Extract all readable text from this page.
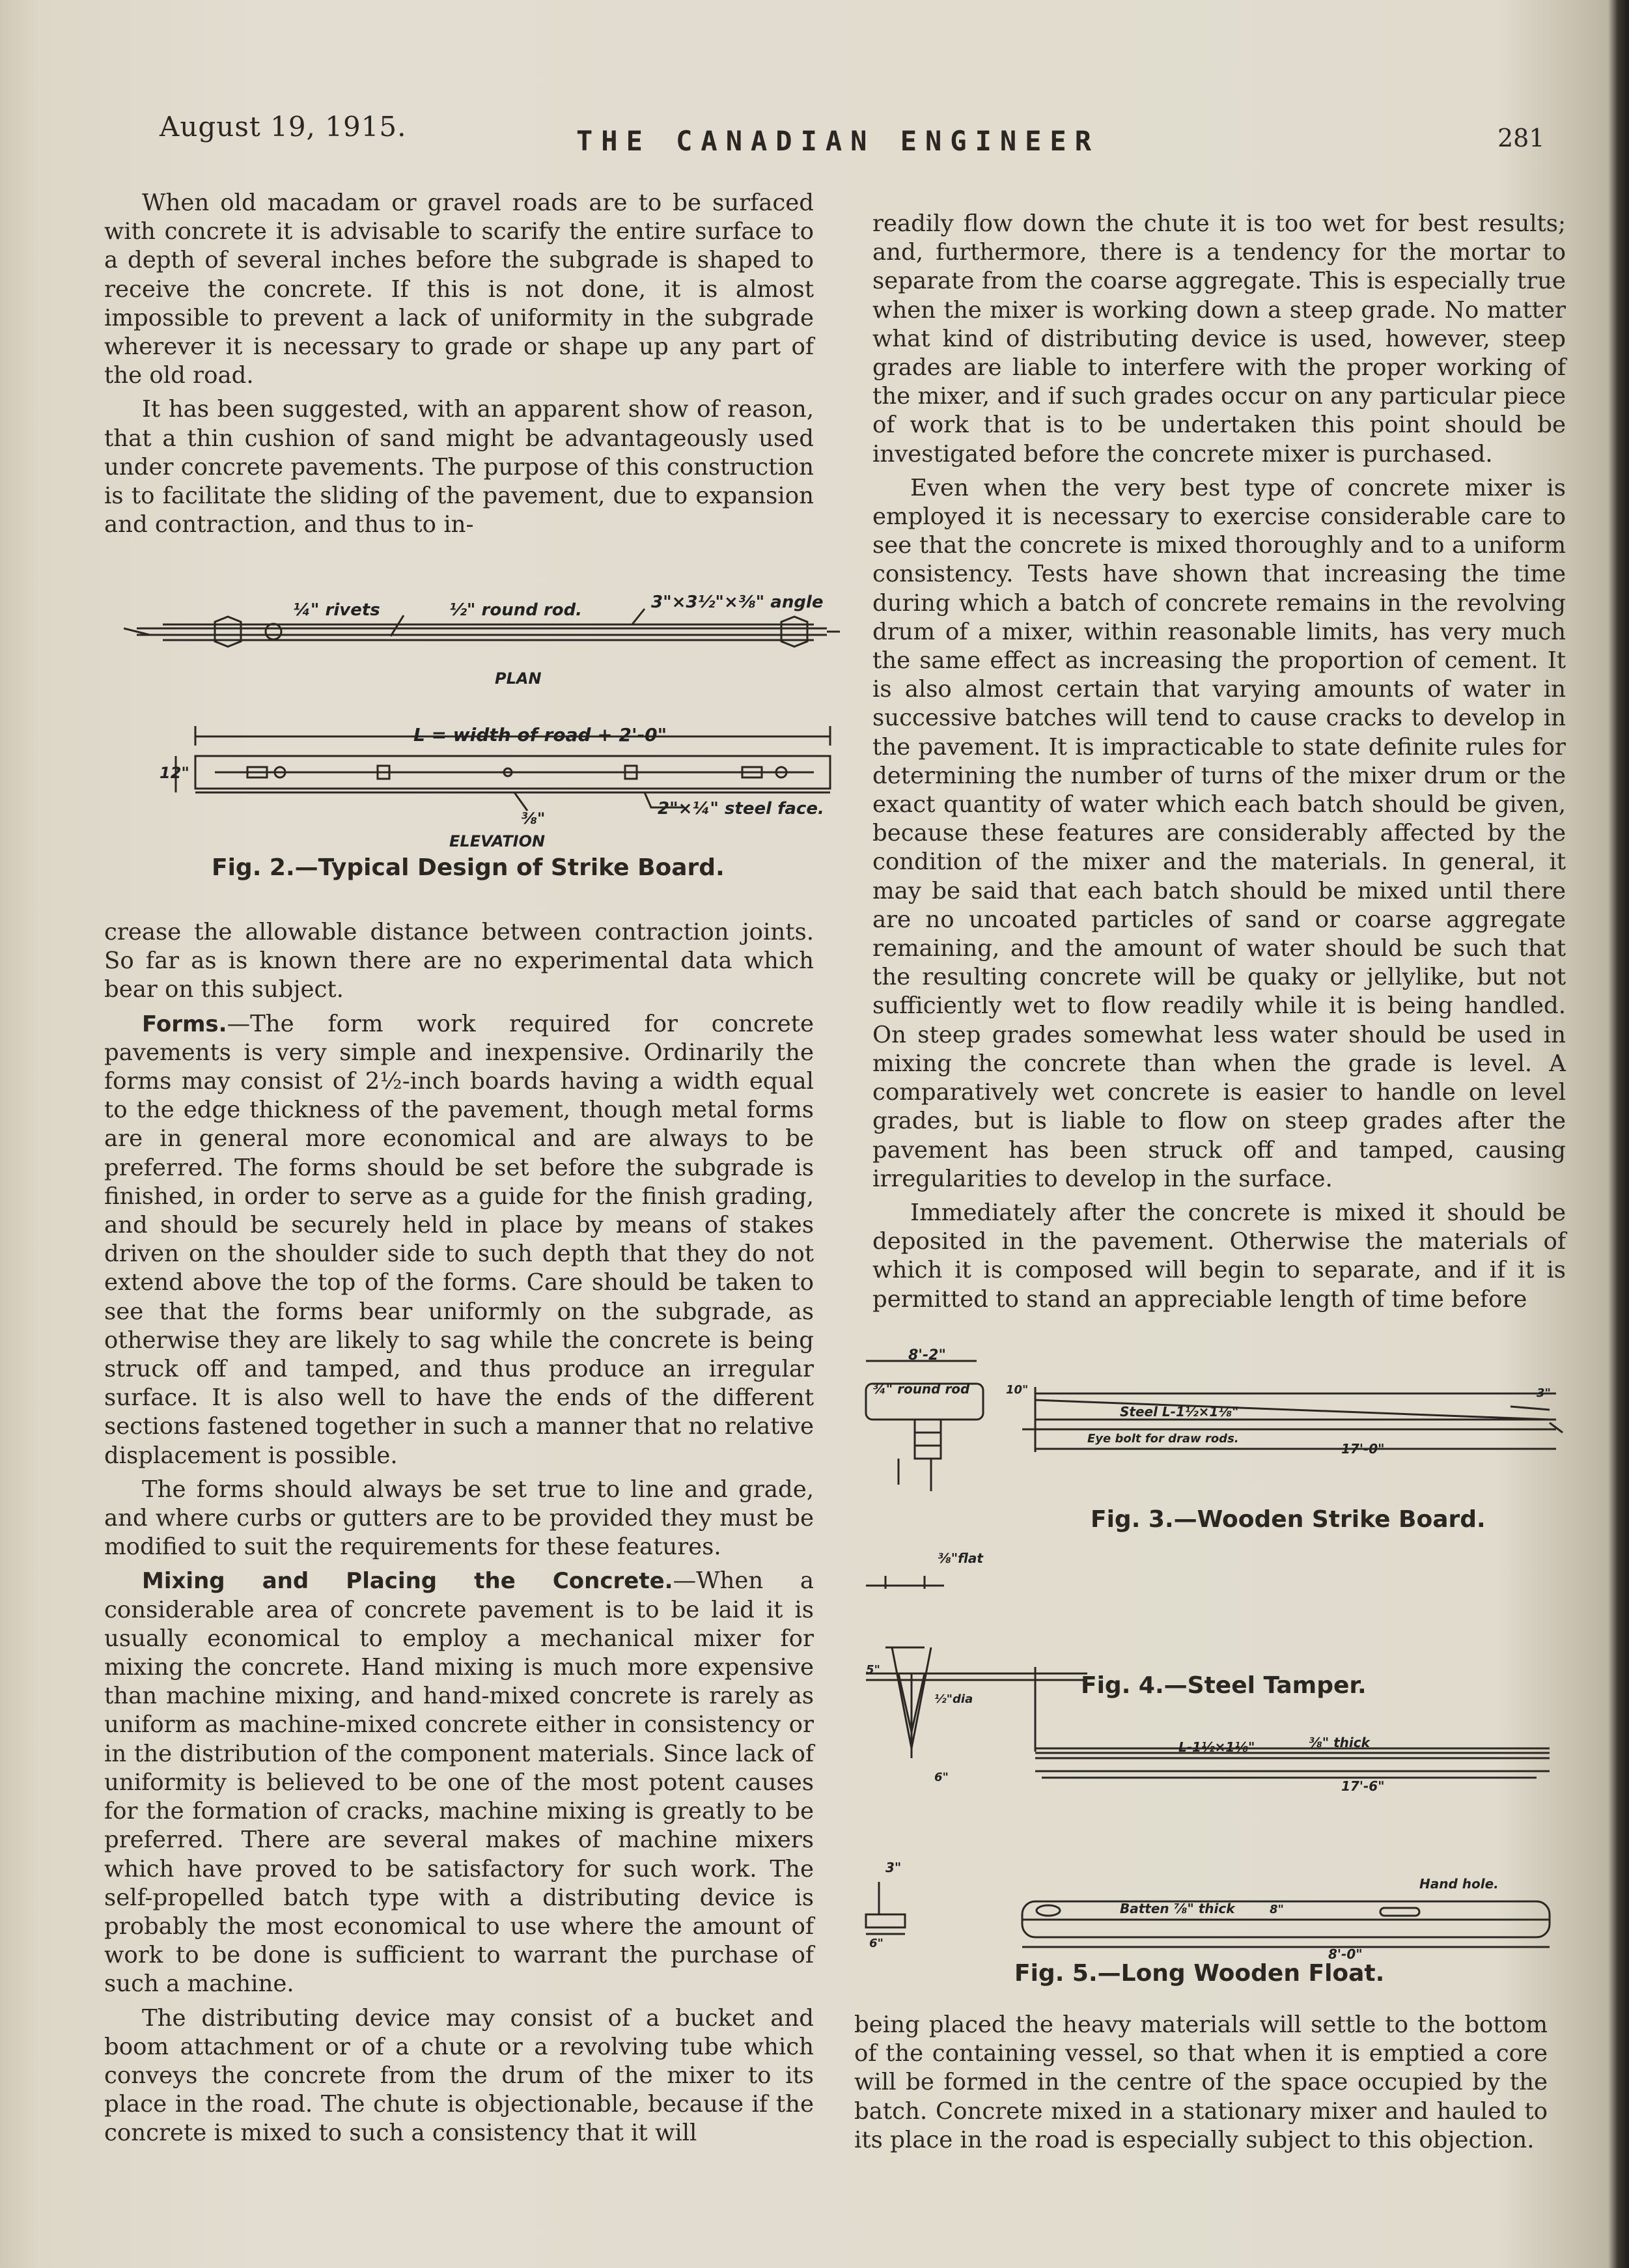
August 19, 1915.	THE CANADIAN ENGINEER	281

When old macadam or gravel roads are to be surfaced with concrete it is advisable to scarify the entire surface to a depth of several inches before the subgrade is shaped to receive the concrete. If this is not done, it is almost impossible to prevent a lack of uniformity in the subgrade wherever it is necessary to grade or shape up any part of the old road.

It has been suggested, with an apparent show of reason, that a thin cushion of sand might be advantageously used under concrete pavements. The purpose of this construction is to facilitate the sliding of the pavement, due to expansion and contraction, and thus to in-

¼" rivets	½" round rod.	3"×3½"×⅜" angle
PLAN
L = width of road + 2'-0"
12"
⅜"	2"×¼" steel face.
ELEVATION
Fig. 2.—Typical Design of Strike Board.

crease the allowable distance between contraction joints. So far as is known there are no experimental data which bear on this subject.

Forms.—The form work required for concrete pavements is very simple and inexpensive. Ordinarily the forms may consist of 2½-inch boards having a width equal to the edge thickness of the pavement, though metal forms are in general more economical and are always to be preferred. The forms should be set before the subgrade is finished, in order to serve as a guide for the finish grading, and should be securely held in place by means of stakes driven on the shoulder side to such depth that they do not extend above the top of the forms. Care should be taken to see that the forms bear uniformly on the subgrade, as otherwise they are likely to sag while the concrete is being struck off and tamped, and thus produce an irregular surface. It is also well to have the ends of the different sections fastened together in such a manner that no relative displacement is possible.

The forms should always be set true to line and grade, and where curbs or gutters are to be provided they must be modified to suit the requirements for these features.

Mixing and Placing the Concrete.—When a considerable area of concrete pavement is to be laid it is usually economical to employ a mechanical mixer for mixing the concrete. Hand mixing is much more expensive than machine mixing, and hand-mixed concrete is rarely as uniform as machine-mixed concrete either in consistency or in the distribution of the component materials. Since lack of uniformity is believed to be one of the most potent causes for the formation of cracks, machine mixing is greatly to be preferred. There are several makes of machine mixers which have proved to be satisfactory for such work. The self-propelled batch type with a distributing device is probably the most economical to use where the amount of work to be done is sufficient to warrant the purchase of such a machine.

The distributing device may consist of a bucket and boom attachment or of a chute or a revolving tube which conveys the concrete from the drum of the mixer to its place in the road. The chute is objectionable, because if the concrete is mixed to such a consistency that it will

readily flow down the chute it is too wet for best results; and, furthermore, there is a tendency for the mortar to separate from the coarse aggregate. This is especially true when the mixer is working down a steep grade. No matter what kind of distributing device is used, however, steep grades are liable to interfere with the proper working of the mixer, and if such grades occur on any particular piece of work that is to be undertaken this point should be investigated before the concrete mixer is purchased.

Even when the very best type of concrete mixer is employed it is necessary to exercise considerable care to see that the concrete is mixed thoroughly and to a uniform consistency. Tests have shown that increasing the time during which a batch of concrete remains in the revolving drum of a mixer, within reasonable limits, has very much the same effect as increasing the proportion of cement. It is also almost certain that varying amounts of water in successive batches will tend to cause cracks to develop in the pavement. It is impracticable to state definite rules for determining the number of turns of the mixer drum or the exact quantity of water which each batch should be given, because these features are considerably affected by the condition of the mixer and the materials. In general, it may be said that each batch should be mixed until there are no uncoated particles of sand or coarse aggregate remaining, and the amount of water should be such that the resulting concrete will be quaky or jellylike, but not sufficiently wet to flow readily while it is being handled. On steep grades somewhat less water should be used in mixing the concrete than when the grade is level. A comparatively wet concrete is easier to handle on level grades, but is liable to flow on steep grades after the pavement has been struck off and tamped, causing irregularities to develop in the surface.

Immediately after the concrete is mixed it should be deposited in the pavement. Otherwise the materials of which it is composed will begin to separate, and if it is permitted to stand an appreciable length of time before

8'-2"
¾" round rod
Steel L-1½×1⅛"
Eye bolt for draw rods.
17'-0"
10"	3"
Fig. 3.—Wooden Strike Board.
⅜"flat
½"dia
L-1½×1⅛"	⅜" thick
17'-6"
5"
6"
Fig. 4.—Steel Tamper.
3"
6"
Batten ⅞" thick
Hand hole.
8"
8'-0"
Fig. 5.—Long Wooden Float.

being placed the heavy materials will settle to the bottom of the containing vessel, so that when it is emptied a core will be formed in the centre of the space occupied by the batch. Concrete mixed in a stationary mixer and hauled to its place in the road is especially subject to this objection.
